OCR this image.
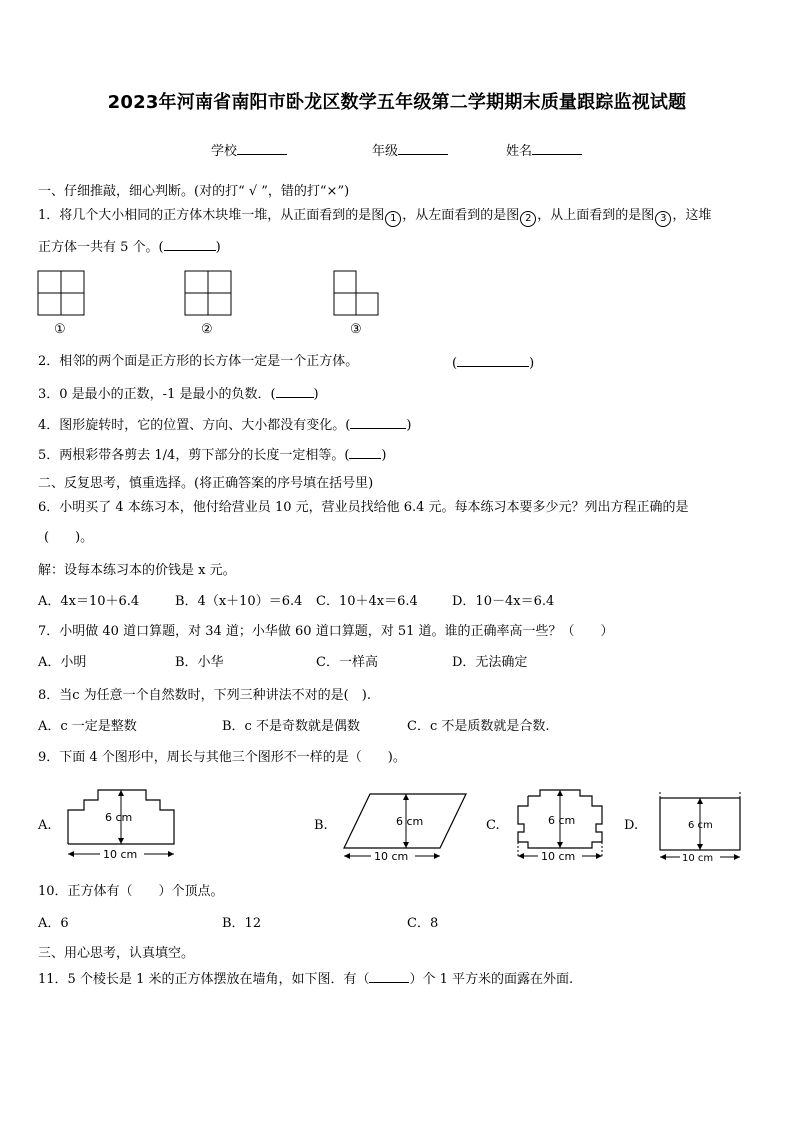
2023年河南省南阳市卧龙区数学五年级第二学期期末质量跟踪监视试题
学校	年级	姓名
一、仔细推敲，细心判断。(对的打“ √ ”，错的打“×”)
1．将几个大小相同的正方体木块堆一堆，从正面看到的是图 1 ，从左面看到的是图 2 ，从上面看到的是图 3 ，这堆
正方体一共有 5 个。(	)
①	②	③
2．相邻的两个面是正方形的长方体一定是一个正方体。	(	)
3．0 是最小的正数，-1 是最小的负数．(	)
4．图形旋转时，它的位置、方向、大小都没有变化。(	)
5．两根彩带各剪去 1/4，剪下部分的长度一定相等。( )
二、反复思考，慎重选择。(将正确答案的序号填在括号里)
6．小明买了 4 本练习本，他付给营业员 10 元，营业员找给他 6.4 元。每本练习本要多少元？列出方程正确的是
(　　)。
解：设每本练习本的价钱是 x 元。
A．4x＝10＋6.4	B．4（x＋10）＝6.4 C．10＋4x＝6.4	D．10－4x＝6.4
7．小明做 40 道口算题，对 34 道；小华做 60 道口算题，对 51 道。谁的正确率高一些？（　　）
A．小明	B．小华	C．一样高	D．无法确定
8．当c 为任意一个自然数时，下列三种讲法不对的是(　).
A．c 一定是整数	B．c 不是奇数就是偶数	C．c 不是质数就是合数.
9．下面 4 个图形中，周长与其他三个图形不一样的是（　　)。
A.	B.	C.	D.
6 cm
10 cm
6 cm
10 cm
6 cm
10 cm
6 cm
10 cm
10．正方体有（　　）个顶点。
A．6	B．12	C．8
三、用心思考，认真填空。
11．5 个棱长是 1 米的正方体摆放在墙角，如下图．有（	）个 1 平方米的面露在外面.
